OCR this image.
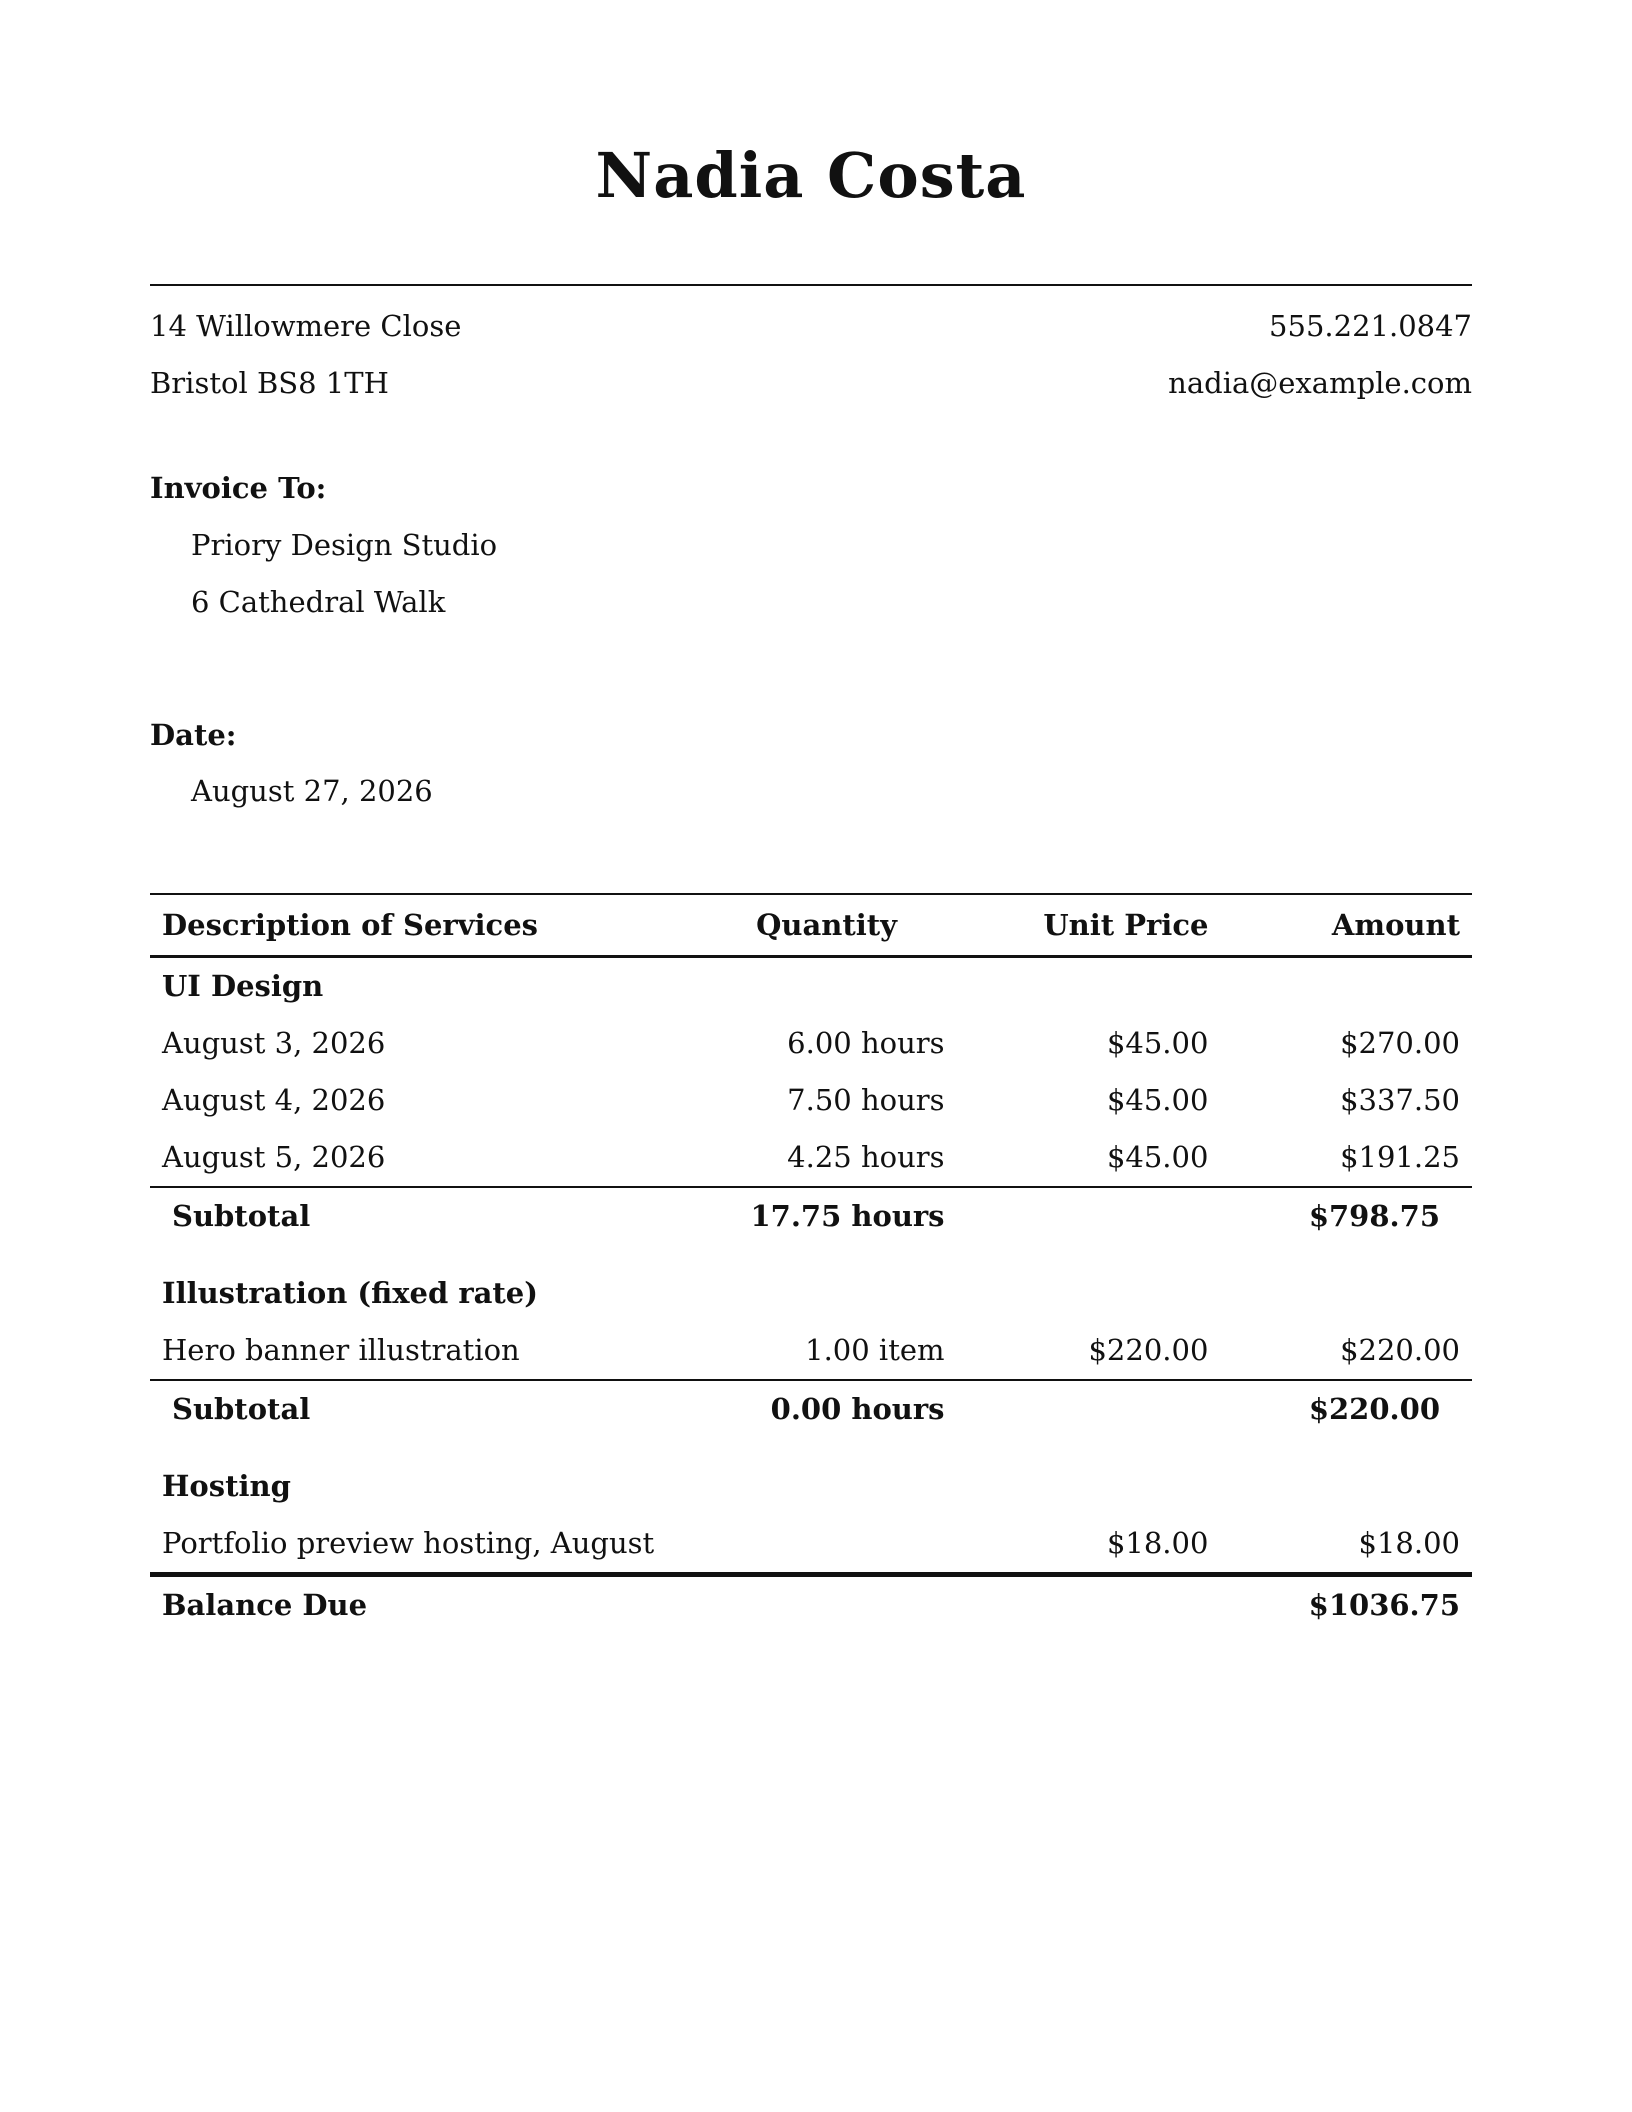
Nadia Costa
14 Willowmere Close	555.221.0847
Bristol BS8 1TH	nadia@example.com
Invoice To:
Priory Design Studio
6 Cathedral Walk
Date:
August 27, 2026
Description of Services	Quantity	Unit Price	Amount
UI Design			
August 3, 2026	6.00 hours	$45.00	$270.00
August 4, 2026	7.50 hours	$45.00	$337.50
August 5, 2026	4.25 hours	$45.00	$191.25
Subtotal	17.75 hours		$798.75
Illustration (fixed rate)			
Hero banner illustration	1.00 item	$220.00	$220.00
Subtotal	0.00 hours		$220.00
Hosting			
Portfolio preview hosting, August		$18.00	$18.00
Balance Due			$1036.75
